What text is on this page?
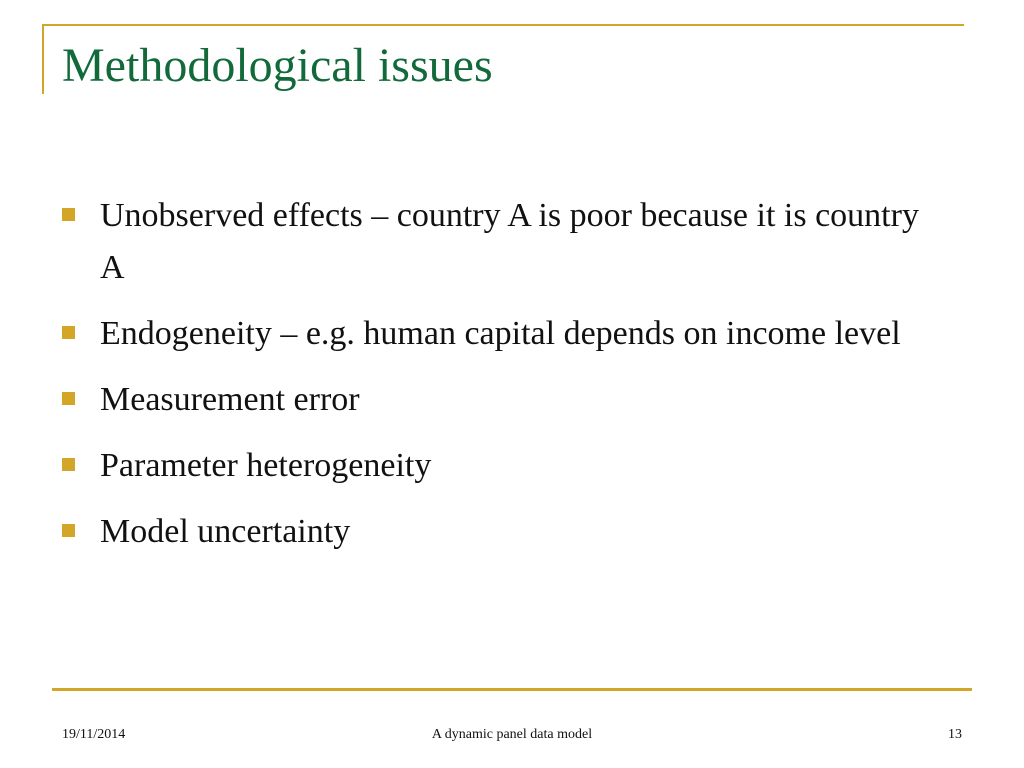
Methodological issues
Unobserved effects – country A is poor because it is country A
Endogeneity – e.g. human capital depends on income level
Measurement error
Parameter heterogeneity
Model uncertainty
19/11/2014	A dynamic panel data model	13
